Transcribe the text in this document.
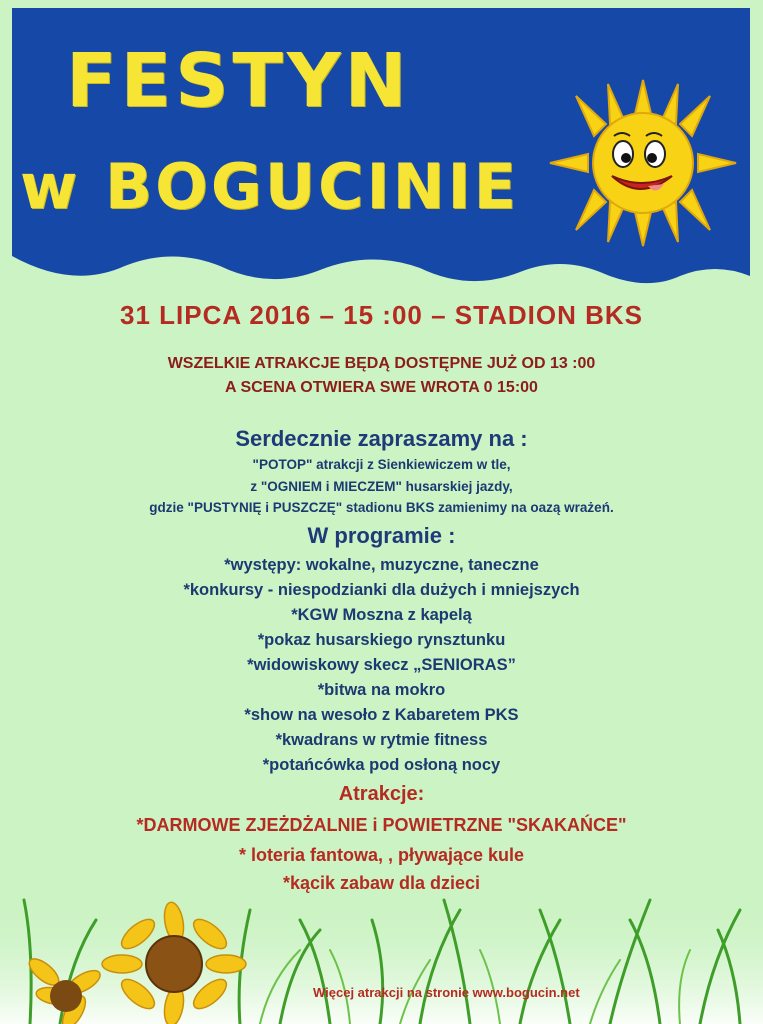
FESTYN

w BOGUCINIE

31 LIPCA 2016 – 15 :00 – STADION BKS

WSZELKIE ATRAKCJE BĘDĄ DOSTĘPNE JUŻ OD 13 :00

A SCENA OTWIERA SWE WROTA 0 15:00

Serdecznie zapraszamy na :

"POTOP" atrakcji z Sienkiewiczem w tle,

z "OGNIEM i MIECZEM" husarskiej jazdy,

gdzie "PUSTYNIĘ i PUSZCZĘ" stadionu BKS zamienimy na oazą wrażeń.

W programie :

*występy: wokalne, muzyczne, taneczne

*konkursy - niespodzianki dla dużych i mniejszych

*KGW Moszna z kapelą

*pokaz husarskiego rynsztunku

*widowiskowy skecz „SENIORAS”

*bitwa na mokro

*show na wesoło z Kabaretem PKS

*kwadrans w rytmie fitness

*potańcówka pod osłoną nocy

Atrakcje:

*DARMOWE ZJEŻDŻALNIE i POWIETRZNE "SKAKAŃCE"

* loteria fantowa, , pływające kule

*kącik zabaw dla dzieci

Więcej atrakcji na stronie www.bogucin.net
